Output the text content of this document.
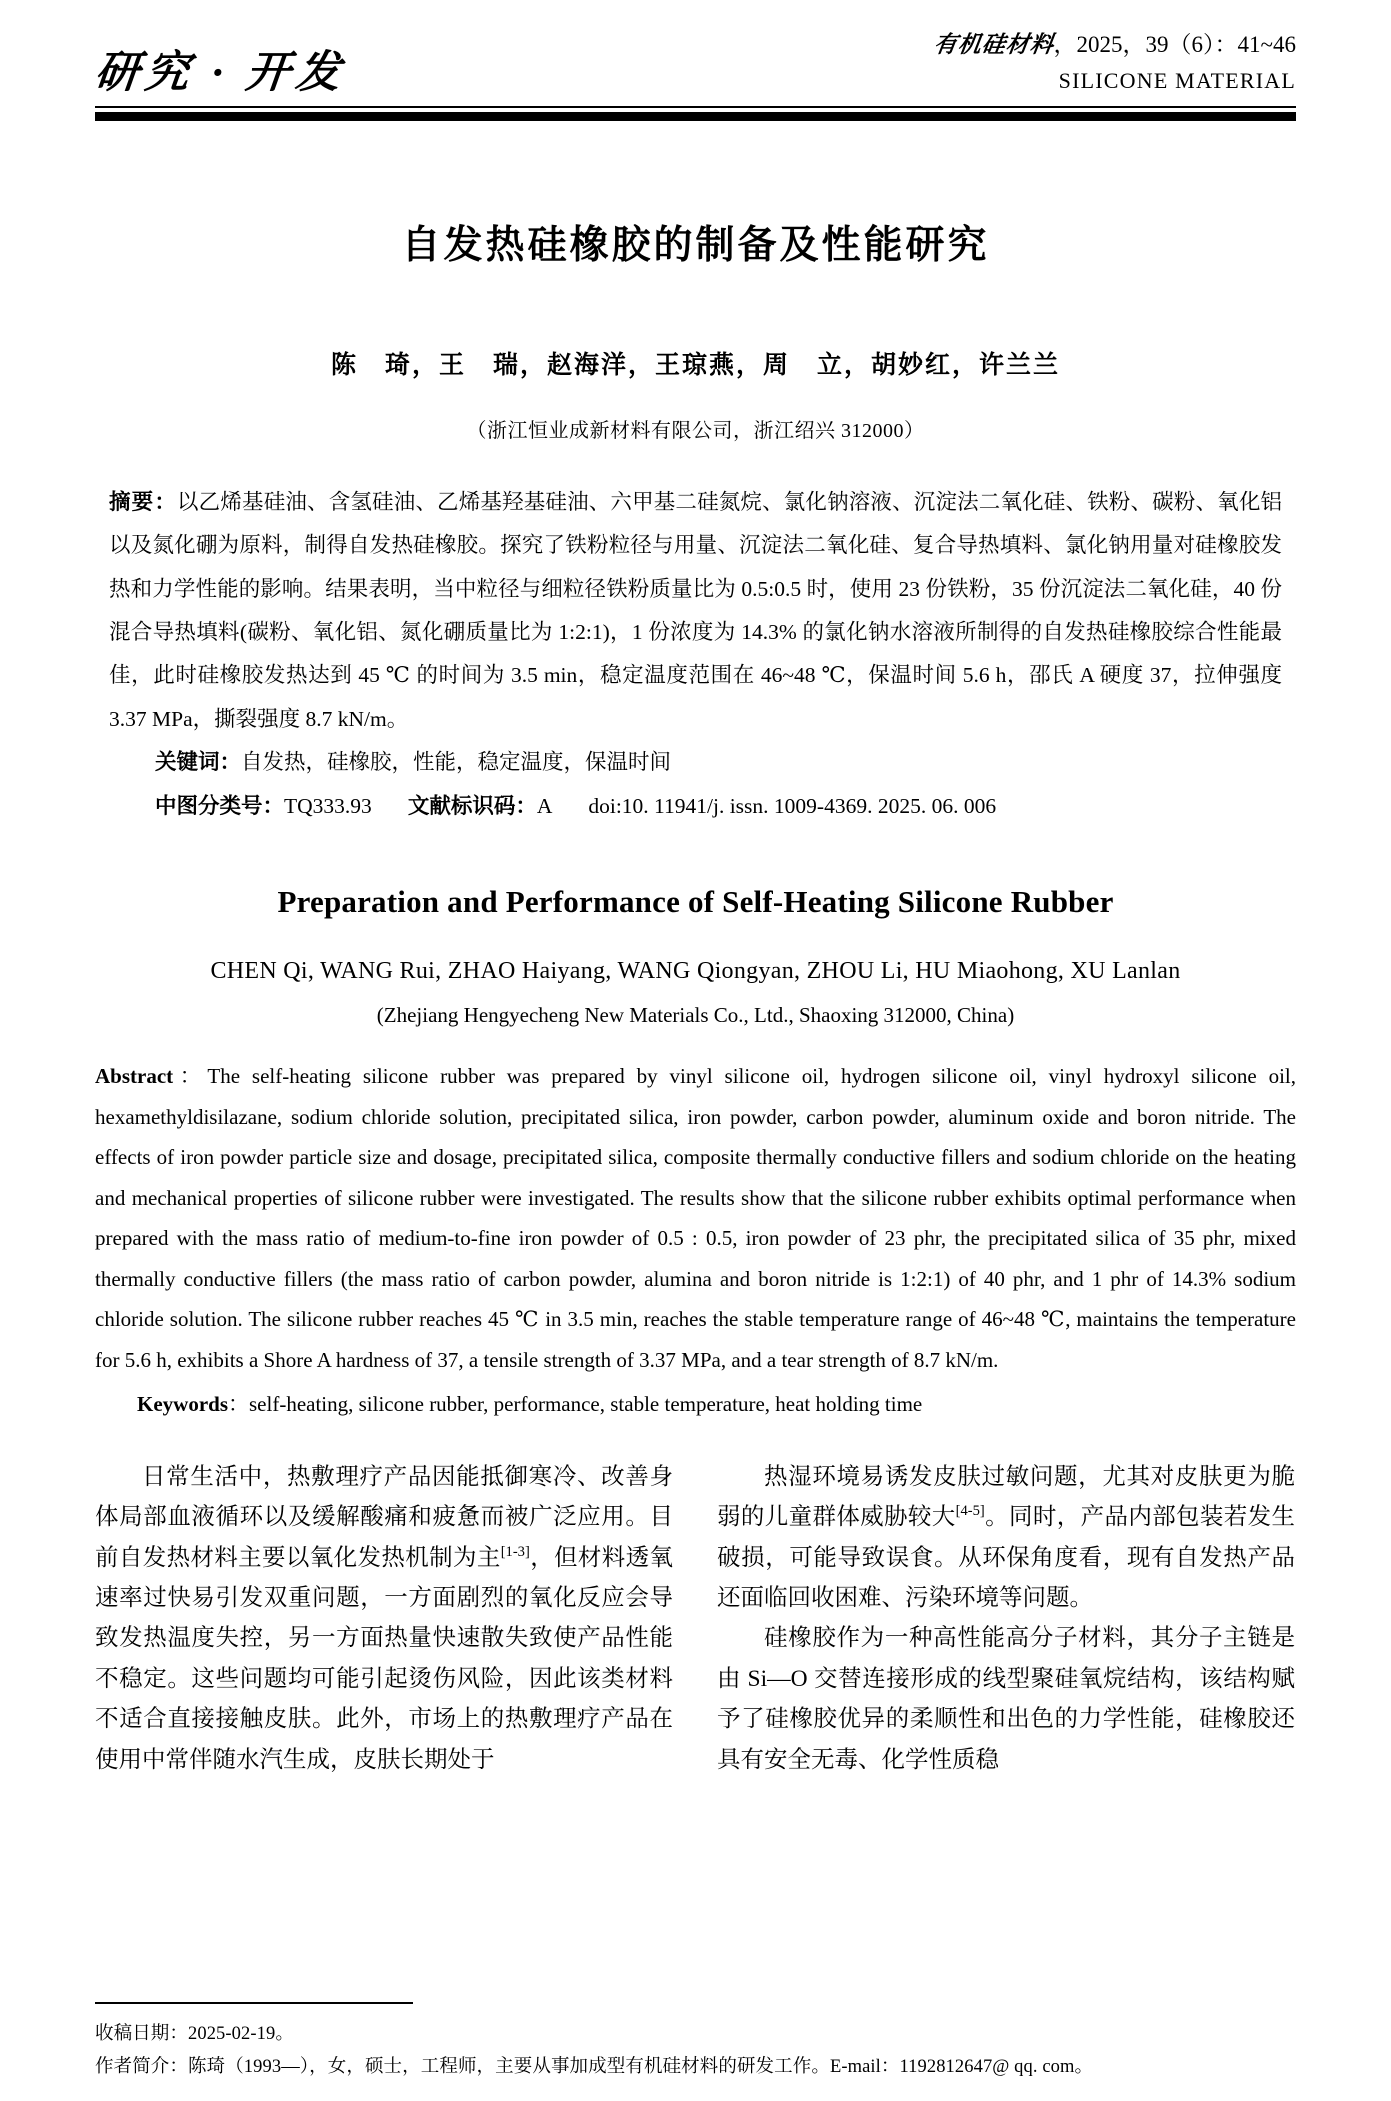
研究 · 开发
有机硅材料，2025，39（6）：41~46
SILICONE MATERIAL
自发热硅橡胶的制备及性能研究
陈　琦，王　瑞，赵海洋，王琼燕，周　立，胡妙红，许兰兰
（浙江恒业成新材料有限公司，浙江绍兴 312000）
摘要：以乙烯基硅油、含氢硅油、乙烯基羟基硅油、六甲基二硅氮烷、氯化钠溶液、沉淀法二氧化硅、铁粉、碳粉、氧化铝以及氮化硼为原料，制得自发热硅橡胶。探究了铁粉粒径与用量、沉淀法二氧化硅、复合导热填料、氯化钠用量对硅橡胶发热和力学性能的影响。结果表明，当中粒径与细粒径铁粉质量比为 0.5:0.5 时，使用 23 份铁粉，35 份沉淀法二氧化硅，40 份混合导热填料(碳粉、氧化铝、氮化硼质量比为 1:2:1)，1 份浓度为 14.3% 的氯化钠水溶液所制得的自发热硅橡胶综合性能最佳，此时硅橡胶发热达到 45 ℃ 的时间为 3.5 min，稳定温度范围在 46~48 ℃，保温时间 5.6 h，邵氏 A 硬度 37，拉伸强度 3.37 MPa，撕裂强度 8.7 kN/m。
关键词：自发热，硅橡胶，性能，稳定温度，保温时间
中图分类号：TQ333.93 文献标识码：A doi:10. 11941/j. issn. 1009-4369. 2025. 06. 006
Preparation and Performance of Self-Heating Silicone Rubber
CHEN Qi, WANG Rui, ZHAO Haiyang, WANG Qiongyan, ZHOU Li, HU Miaohong, XU Lanlan
(Zhejiang Hengyecheng New Materials Co., Ltd., Shaoxing 312000, China)
Abstract：The self-heating silicone rubber was prepared by vinyl silicone oil, hydrogen silicone oil, vinyl hydroxyl silicone oil, hexamethyldisilazane, sodium chloride solution, precipitated silica, iron powder, carbon powder, aluminum oxide and boron nitride. The effects of iron powder particle size and dosage, precipitated silica, composite thermally conductive fillers and sodium chloride on the heating and mechanical properties of silicone rubber were investigated. The results show that the silicone rubber exhibits optimal performance when prepared with the mass ratio of medium-to-fine iron powder of 0.5 : 0.5, iron powder of 23 phr, the precipitated silica of 35 phr, mixed thermally conductive fillers (the mass ratio of carbon powder, alumina and boron nitride is 1:2:1) of 40 phr, and 1 phr of 14.3% sodium chloride solution. The silicone rubber reaches 45 ℃ in 3.5 min, reaches the stable temperature range of 46~48 ℃, maintains the temperature for 5.6 h, exhibits a Shore A hardness of 37, a tensile strength of 3.37 MPa, and a tear strength of 8.7 kN/m.
Keywords：self-heating, silicone rubber, performance, stable temperature, heat holding time

日常生活中，热敷理疗产品因能抵御寒冷、改善身体局部血液循环以及缓解酸痛和疲惫而被广泛应用。目前自发热材料主要以氧化发热机制为主[1-3]，但材料透氧速率过快易引发双重问题，一方面剧烈的氧化反应会导致发热温度失控，另一方面热量快速散失致使产品性能不稳定。这些问题均可能引起烫伤风险，因此该类材料不适合直接接触皮肤。此外，市场上的热敷理疗产品在使用中常伴随水汽生成，皮肤长期处于

热湿环境易诱发皮肤过敏问题，尤其对皮肤更为脆弱的儿童群体威胁较大[4-5]。同时，产品内部包装若发生破损，可能导致误食。从环保角度看，现有自发热产品还面临回收困难、污染环境等问题。

硅橡胶作为一种高性能高分子材料，其分子主链是由 Si—O 交替连接形成的线型聚硅氧烷结构，该结构赋予了硅橡胶优异的柔顺性和出色的力学性能，硅橡胶还具有安全无毒、化学性质稳

收稿日期：2025-02-19。
作者简介：陈琦（1993—），女，硕士，工程师，主要从事加成型有机硅材料的研发工作。E-mail：1192812647@ qq. com。
